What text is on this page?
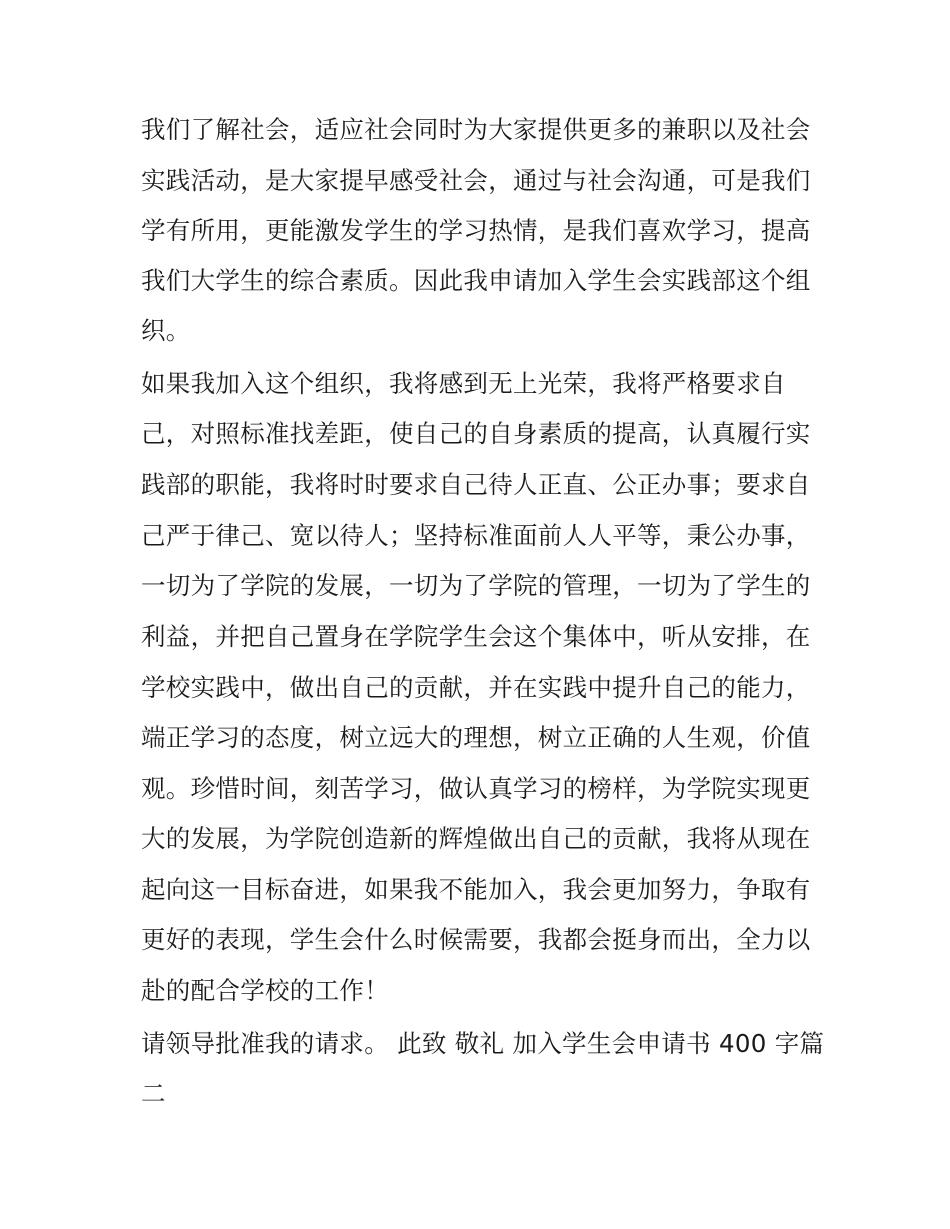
我们了解社会，适应社会同时为大家提供更多的兼职以及社会
实践活动，是大家提早感受社会，通过与社会沟通，可是我们
学有所用，更能激发学生的学习热情，是我们喜欢学习，提高
我们大学生的综合素质。因此我申请加入学生会实践部这个组
织。
如果我加入这个组织，我将感到无上光荣，我将严格要求自
己，对照标准找差距，使自己的自身素质的提高，认真履行实
践部的职能，我将时时要求自己待人正直、公正办事；要求自
己严于律己、宽以待人；坚持标准面前人人平等，秉公办事，
一切为了学院的发展，一切为了学院的管理，一切为了学生的
利益，并把自己置身在学院学生会这个集体中，听从安排，在
学校实践中，做出自己的贡献，并在实践中提升自己的能力，
端正学习的态度，树立远大的理想，树立正确的人生观，价值
观。珍惜时间，刻苦学习，做认真学习的榜样，为学院实现更
大的发展，为学院创造新的辉煌做出自己的贡献，我将从现在
起向这一目标奋进，如果我不能加入，我会更加努力，争取有
更好的表现，学生会什么时候需要，我都会挺身而出，全力以
赴的配合学校的工作！
请领导批准我的请求。 此致 敬礼 加入学生会申请书 400 字篇
二
